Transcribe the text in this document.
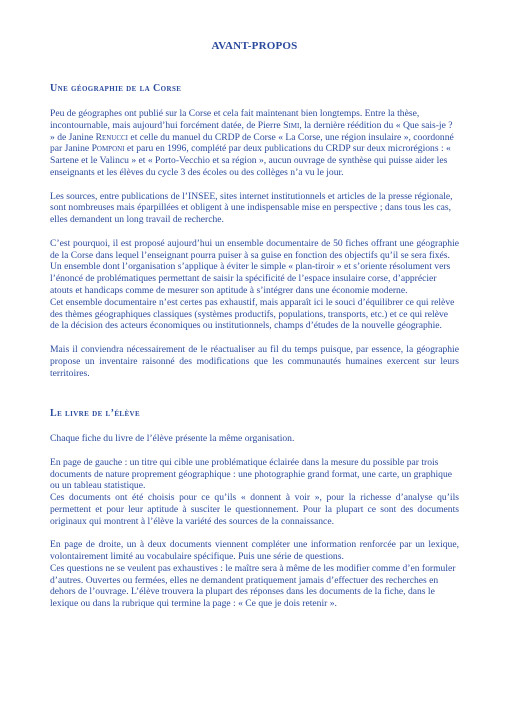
AVANT-PROPOS
Une géographie de la Corse

Peu de géographes ont publié sur la Corse et cela fait maintenant bien longtemps. Entre la thèse, incontournable, mais aujourd’hui forcément datée, de Pierre Simi, la dernière réédition du « Que sais-je ? » de Janine Renucci et celle du manuel du CRDP de Corse « La Corse, une région insulaire », coordonné par Janine Pomponi et paru en 1996, complété par deux publications du CRDP sur deux microrégions : « Sartene et le Valincu » et « Porto-Vecchio et sa région », aucun ouvrage de synthèse qui puisse aider les enseignants et les élèves du cycle 3 des écoles ou des collèges n’a vu le jour.

Les sources, entre publications de l’INSEE, sites internet institutionnels et articles de la presse régionale, sont nombreuses mais éparpillées et obligent à une indispensable mise en perspective ; dans tous les cas, elles demandent un long travail de recherche.

C’est pourquoi, il est proposé aujourd’hui un ensemble documentaire de 50 fiches offrant une géographie de la Corse dans lequel l’enseignant pourra puiser à sa guise en fonction des objectifs qu’il se sera fixés.

Un ensemble dont l’organisation s’applique à éviter le simple « plan-tiroir » et s’oriente résolument vers l’énoncé de problématiques permettant de saisir la spécificité de l’espace insulaire corse, d’apprécier atouts et handicaps comme de mesurer son aptitude à s’intégrer dans une économie moderne.

Cet ensemble documentaire n’est certes pas exhaustif, mais apparaît ici le souci d’équilibrer ce qui relève des thèmes géographiques classiques (systèmes productifs, populations, transports, etc.) et ce qui relève de la décision des acteurs économiques ou institutionnels, champs d’études de la nouvelle géographie.

Mais il conviendra nécessairement de le réactualiser au fil du temps puisque, par essence, la géographie propose un inventaire raisonné des modifications que les communautés humaines exercent sur leurs territoires.

Le livre de l’élève

Chaque fiche du livre de l’élève présente la même organisation.

En page de gauche : un titre qui cible une problématique éclairée dans la mesure du possible par trois documents de nature proprement géographique : une photographie grand format, une carte, un graphique ou un tableau statistique.

Ces documents ont été choisis pour ce qu’ils « donnent à voir », pour la richesse d’analyse qu’ils permettent et pour leur aptitude à susciter le questionnement. Pour la plupart ce sont des documents originaux qui montrent à l’élève la variété des sources de la connaissance.

En page de droite, un à deux documents viennent compléter une information renforcée par un lexique, volontairement limité au vocabulaire spécifique. Puis une série de questions.

Ces questions ne se veulent pas exhaustives : le maître sera à même de les modifier comme d’en formuler d’autres. Ouvertes ou fermées, elles ne demandent pratiquement jamais d’effectuer des recherches en dehors de l’ouvrage. L’élève trouvera la plupart des réponses dans les documents de la fiche, dans le lexique ou dans la rubrique qui termine la page : « Ce que je dois retenir ».
